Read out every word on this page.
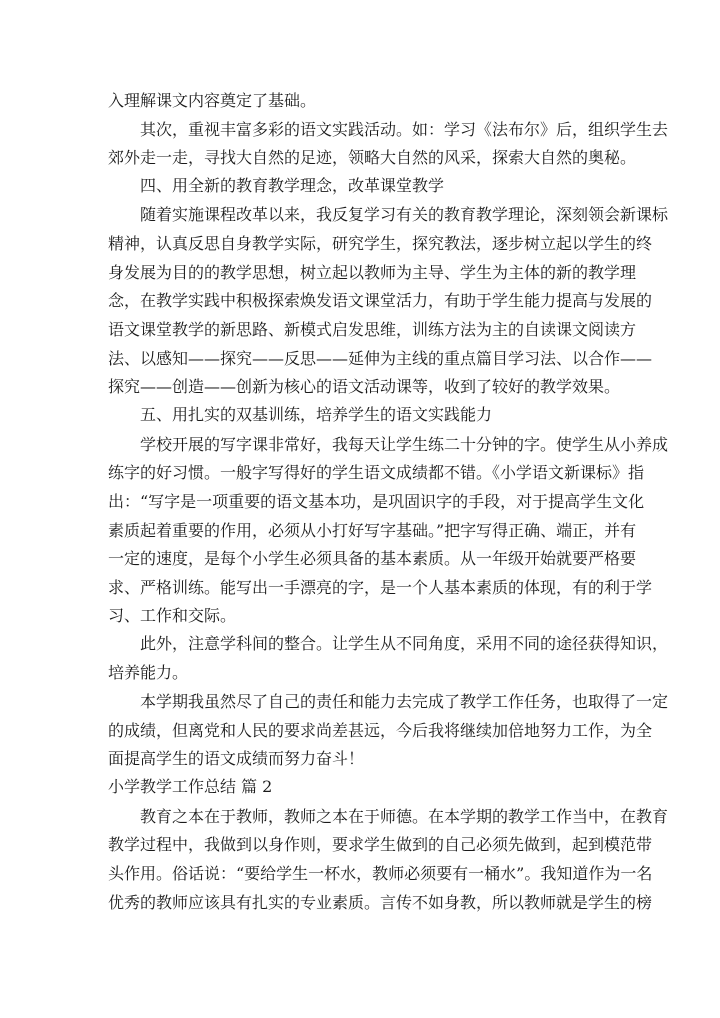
入理解课文内容奠定了基础。
其次，重视丰富多彩的语文实践活动。如：学习《法布尔》后，组织学生去
郊外走一走，寻找大自然的足迹，领略大自然的风采，探索大自然的奥秘。
四、用全新的教育教学理念，改革课堂教学
随着实施课程改革以来，我反复学习有关的教育教学理论，深刻领会新课标
精神，认真反思自身教学实际，研究学生，探究教法，逐步树立起以学生的终
身发展为目的的教学思想，树立起以教师为主导、学生为主体的新的教学理
念，在教学实践中积极探索焕发语文课堂活力，有助于学生能力提高与发展的
语文课堂教学的新思路、新模式启发思维，训练方法为主的自读课文阅读方
法、以感知——探究——反思——延伸为主线的重点篇目学习法、以合作——
探究——创造——创新为核心的语文活动课等，收到了较好的教学效果。
五、用扎实的双基训练，培养学生的语文实践能力
学校开展的写字课非常好，我每天让学生练二十分钟的字。使学生从小养成
练字的好习惯。一般字写得好的学生语文成绩都不错。《小学语文新课标》指
出：“写字是一项重要的语文基本功，是巩固识字的手段，对于提高学生文化
素质起着重要的作用，必须从小打好写字基础。”把字写得正确、端正，并有
一定的速度，是每个小学生必须具备的基本素质。从一年级开始就要严格要
求、严格训练。能写出一手漂亮的字，是一个人基本素质的体现，有的利于学
习、工作和交际。
此外，注意学科间的整合。让学生从不同角度，采用不同的途径获得知识，
培养能力。
本学期我虽然尽了自己的责任和能力去完成了教学工作任务，也取得了一定
的成绩，但离党和人民的要求尚差甚远，今后我将继续加倍地努力工作，为全
面提高学生的语文成绩而努力奋斗！
小学教学工作总结 篇 2
教育之本在于教师，教师之本在于师德。在本学期的教学工作当中，在教育
教学过程中，我做到以身作则，要求学生做到的自己必须先做到，起到模范带
头作用。俗话说：“要给学生一杯水，教师必须要有一桶水”。我知道作为一名
优秀的教师应该具有扎实的专业素质。言传不如身教，所以教师就是学生的榜
